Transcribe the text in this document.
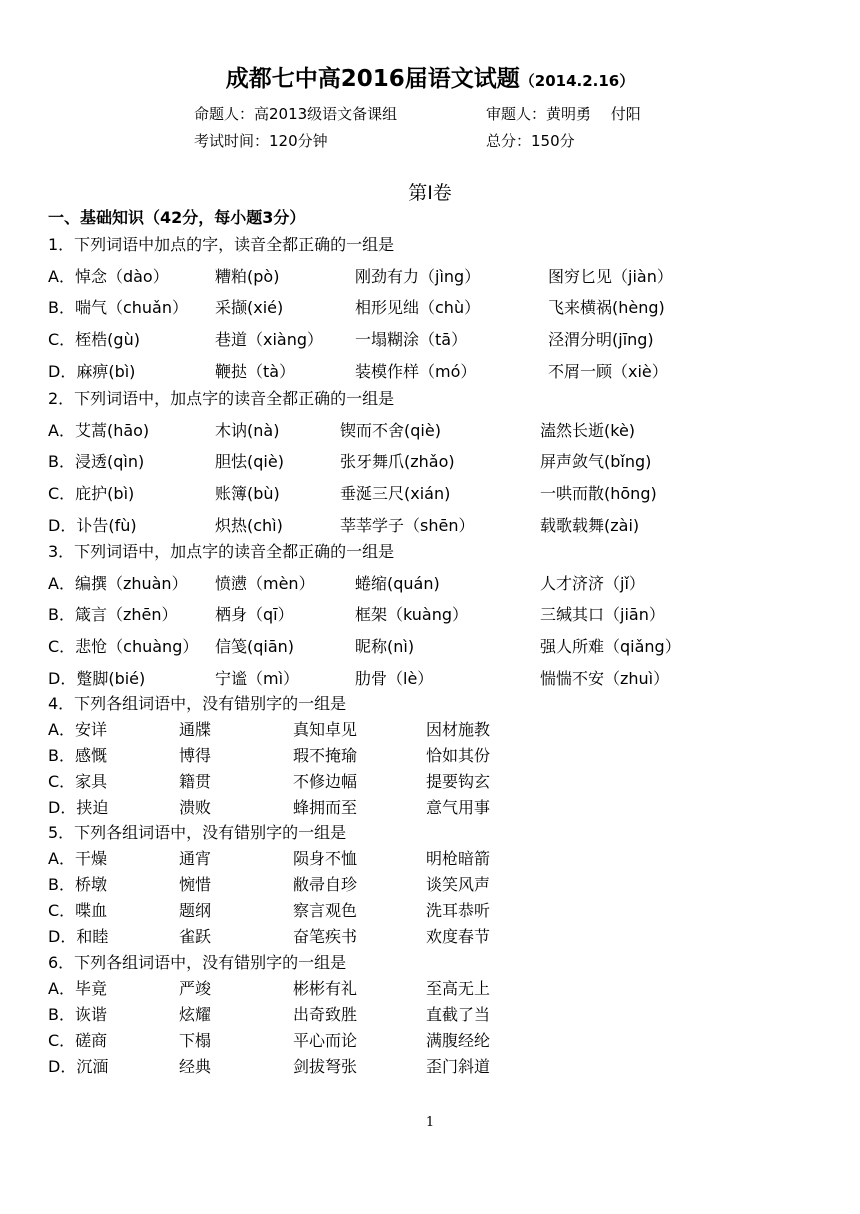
成都七中高2016届语文试题（2014.2.16）
命题人：高2013级语文备课组	审题人：黄明勇　 付阳
考试时间：120分钟	总分：150分
第Ⅰ卷
一、基础知识（42分，每小题3分）
1．下列词语中加点的字，读音全都正确的一组是
A．悼念（dào）	糟粕(pò)	刚劲有力（jìng）	图穷匕见（jiàn）
B．喘气（chuǎn） 采撷(xié)	相形见绌（chù）	飞来横祸(hèng)
C．桎梏(gù)	巷道（xiàng） 一塌糊涂（tā）	泾渭分明(jīng)
D．麻痹(bì)	鞭挞（tà）	装模作样（mó）	不屑一顾（xiè）
2．下列词语中，加点字的读音全都正确的一组是
A．艾蒿(hāo)	木讷(nà)	锲而不舍(qiè)	溘然长逝(kè)
B．浸透(qìn)	胆怯(qiè)	张牙舞爪(zhǎo)	屏声敛气(bǐng)
C．庇护(bì)	账簿(bù)	垂涎三尺(xián)	一哄而散(hōng)
D．讣告(fù)	炽热(chì)	莘莘学子（shēn）	载歌载舞(zài)
3．下列词语中，加点字的读音全都正确的一组是
A．编撰（zhuàn） 愤懑（mèn）	蜷缩(quán)	人才济济（jǐ）
B．箴言（zhēn） 栖身（qī）	框架（kuàng）	三缄其口（jiān）
C．悲怆（chuàng） 信笺(qiān)	昵称(nì)	强人所难（qiǎng）
D．蹩脚(bié)	宁谧（mì）	肋骨（lè）	惴惴不安（zhuì）
4．下列各组词语中，没有错别字的一组是
A．安详	通牒	真知卓见	因材施教
B．感慨	博得	瑕不掩瑜	恰如其份
C．家具	籍贯	不修边幅	提要钩玄
D．挟迫	溃败	蜂拥而至	意气用事
5．下列各组词语中，没有错别字的一组是
A．干燥	通宵	陨身不恤	明枪暗箭
B．桥墩	惋惜	敝帚自珍	谈笑风声
C．喋血	题纲	察言观色	洗耳恭听
D．和睦	雀跃	奋笔疾书	欢度春节
6．下列各组词语中，没有错别字的一组是
A．毕竟	严竣	彬彬有礼	至高无上
B．诙谐	炫耀	出奇致胜	直截了当
C．磋商	下榻	平心而论	满腹经纶
D．沉湎	经典	剑拔弩张	歪门斜道
1
